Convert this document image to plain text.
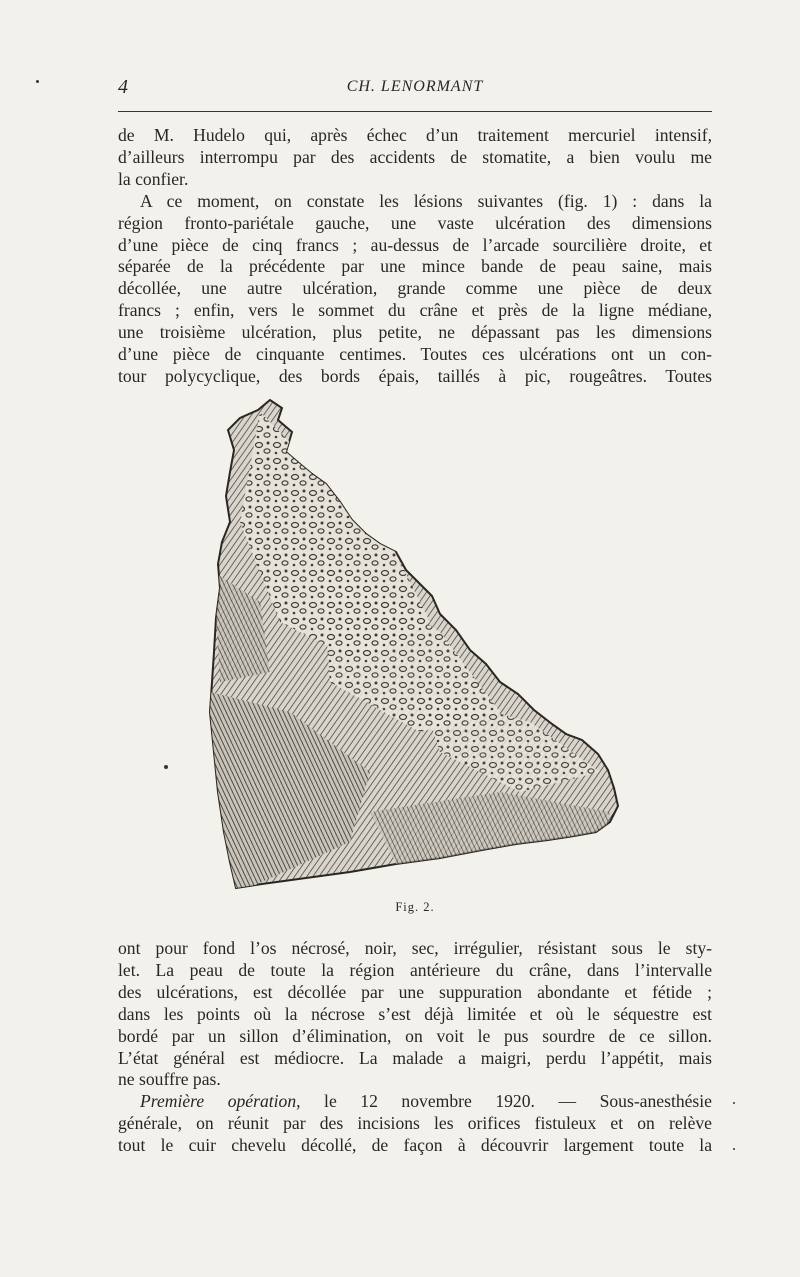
4	CH. LENORMANT
de M. Hudelo qui, après échec d’un traitement mercuriel intensif,
d’ailleurs interrompu par des accidents de stomatite, a bien voulu me
la confier.
A ce moment, on constate les lésions suivantes (fig. 1) : dans la
région fronto-pariétale gauche, une vaste ulcération des dimensions
d’une pièce de cinq francs ; au-dessus de l’arcade sourcilière droite, et
séparée de la précédente par une mince bande de peau saine, mais
décollée, une autre ulcération, grande comme une pièce de deux
francs ; enfin, vers le sommet du crâne et près de la ligne médiane,
une troisième ulcération, plus petite, ne dépassant pas les dimensions
d’une pièce de cinquante centimes. Toutes ces ulcérations ont un con-
tour polycyclique, des bords épais, taillés à pic, rougeâtres. Toutes
Fig. 2.
ont pour fond l’os nécrosé, noir, sec, irrégulier, résistant sous le sty-
let. La peau de toute la région antérieure du crâne, dans l’intervalle
des ulcérations, est décollée par une suppuration abondante et fétide ;
dans les points où la nécrose s’est déjà limitée et où le séquestre est
bordé par un sillon d’élimination, on voit le pus sourdre de ce sillon.
L’état général est médiocre. La malade a maigri, perdu l’appétit, mais
ne souffre pas.
Première opération, le 12 novembre 1920. — Sous-anesthésie
générale, on réunit par des incisions les orifices fistuleux et on relève
tout le cuir chevelu décollé, de façon à découvrir largement toute la
